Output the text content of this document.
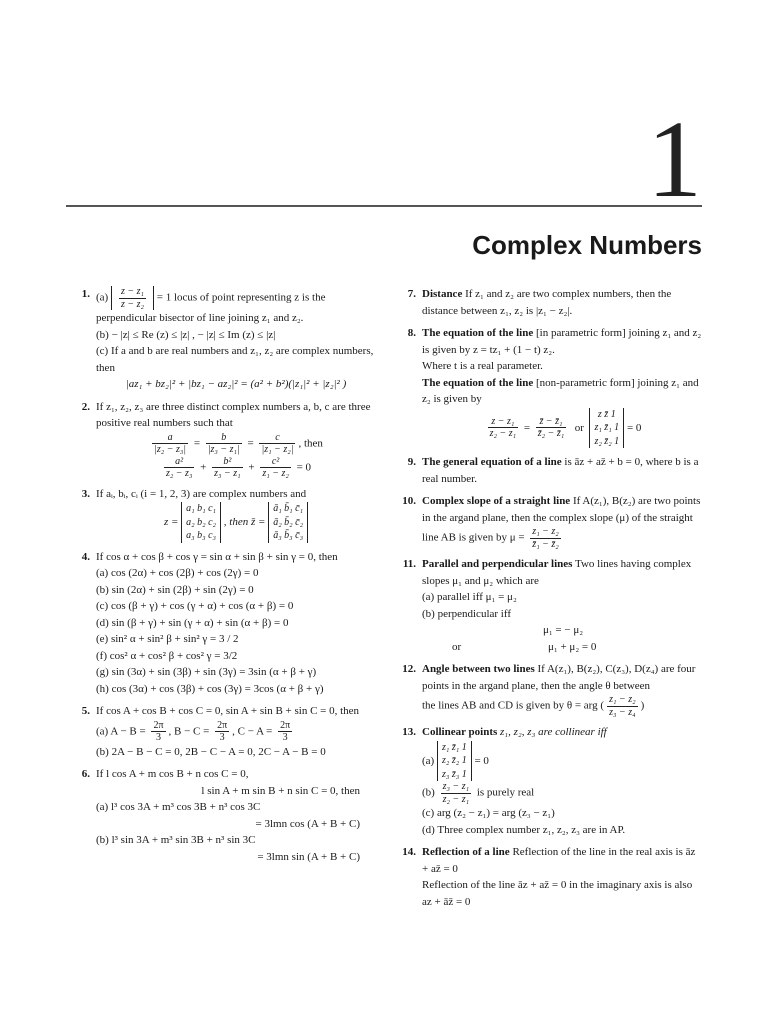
1
Complex Numbers
1. $(a) \frac{\text{z − z₁}}{\text{z − z₂}} = 1$ locus of point representing z is the
perpendicular bisector of line joining z₁ and z₂.
(b) − |z| ≤ Re (z) ≤ |z| , − |z| ≤ Im (z) ≤ |z|
(c) If a and b are real numbers and z₁, z₂ are complex numbers, then
|az₁ + bz₂|² + |bz₁ − az₂|² = (a² + b²)(|z₁|² + |z₂|² )
2. If z₁, z₂, z₃ are three distinct complex numbers a, b, c are three positive real numbers such that
$\frac{a}{\text{|z₂ − z₃|}} = \frac{b}{\text{|z₃ − z₁|}} = \frac{c}{\text{|z₁ − z₂|}}$ , then
$\frac{\text{a²}}{\text{z₂ − z₃}} + \frac{\text{b²}}{\text{z₃ − z₁}} + \frac{\text{c²}}{\text{z₁ − z₂}} = 0$
3. If aᵢ, bᵢ, cᵢ (i = 1, 2, 3) are complex numbers and
z =
a₁ b₁ c₁
a₂ b₂ c₂
a₃ b₃ c₃
, then z̄ =
ā₁ b̄₁ c̄₁
ā₂ b̄₂ c̄₂
ā₃ b̄₃ c̄₃
4. If cos α + cos β + cos γ = sin α + sin β + sin γ = 0, then
(a) cos (2α) + cos (2β) + cos (2γ) = 0
(b) sin (2α) + sin (2β) + sin (2γ) = 0
(c) cos (β + γ) + cos (γ + α) + cos (α + β) = 0
(d) sin (β + γ) + sin (γ + α) + sin (α + β) = 0
(e) sin² α + sin² β + sin² γ = 3 / 2
(f) cos² α + cos² β + cos² γ = 3/2
(g) sin (3α) + sin (3β) + sin (3γ) = 3sin (α + β + γ)
(h) cos (3α) + cos (3β) + cos (3γ) = 3cos (α + β + γ)
5. If cos A + cos B + cos C = 0, sin A + sin B + sin C = 0, then
(a) $A - B = \frac{2\pi}{3}$ , $B - C = \frac{2\pi}{3}$ , $C - A = \frac{2\pi}{3}$
(b) 2A − B − C = 0, 2B − C − A = 0, 2C − A − B = 0
6. If l cos A + m cos B + n cos C = 0,
l sin A + m sin B + n sin C = 0, then
(a) l³ cos 3A + m³ cos 3B + n³ cos 3C
= 3lmn cos (A + B + C)
(b) l³ sin 3A + m³ sin 3B + n³ sin 3C
= 3lmn sin (A + B + C)
7. Distance If z₁ and z₂ are two complex numbers, then the distance between z₁, z₂ is |z₁ − z₂|.
8. The equation of the line [in parametric form] joining z₁ and z₂ is given by z = tz₁ + (1 − t) z₂.
Where t is a real parameter.
The equation of the line [non-parametric form] joining z₁ and z₂ is given by
$\frac{\text{z − z₁}}{\text{z₂ − z₁}} = \frac{\text{z̄ − z̄₁}}{\text{z̄₂ − z̄₁}}$ or
z z̄ 1
z₁ z̄₁ 1
z₂ z̄₂ 1
= 0
9. The general equation of a line is āz + az̄ + b = 0, where b is a real number.
10. Complex slope of a straight line If A(z₁), B(z₂) are two points in the argand plane, then the complex slope (μ) of the straight line AB is given by $\mu = \frac{\text{z₁ − z₂}}{\text{z̄₁ − z̄₂}}$
11. Parallel and perpendicular lines Two lines having complex slopes μ₁ and μ₂ which are
(a) parallel iff μ₁ = μ₂
(b) perpendicular iff
μ₁ = − μ₂
or	μ₁ + μ₂ = 0
12. Angle between two lines If A(z₁), B(z₂), C(z₃), D(z₄) are four points in the argand plane, then the angle θ between
the lines AB and CD is given by θ = arg ( $\frac{\text{z₁ − z₂}}{\text{z₃ − z₄}}$ )
13. Collinear points z₁, z₂, z₃ are collinear iff
(a)
z₁ z̄₁ 1
z₂ z̄₂ 1
z₃ z̄₃ 1
= 0
$(b) \frac{\text{z₃ − z₁}}{\text{z₂ − z₁}}$ is purely real
(c) arg (z₂ − z₁) = arg (z₃ − z₁)
(d) Three complex number z₁, z₂, z₃ are in AP.
14. Reflection of a line Reflection of the line in the real axis is āz + az̄ = 0
Reflection of the line āz + az̄ = 0 in the imaginary axis is also az + āz̄ = 0
